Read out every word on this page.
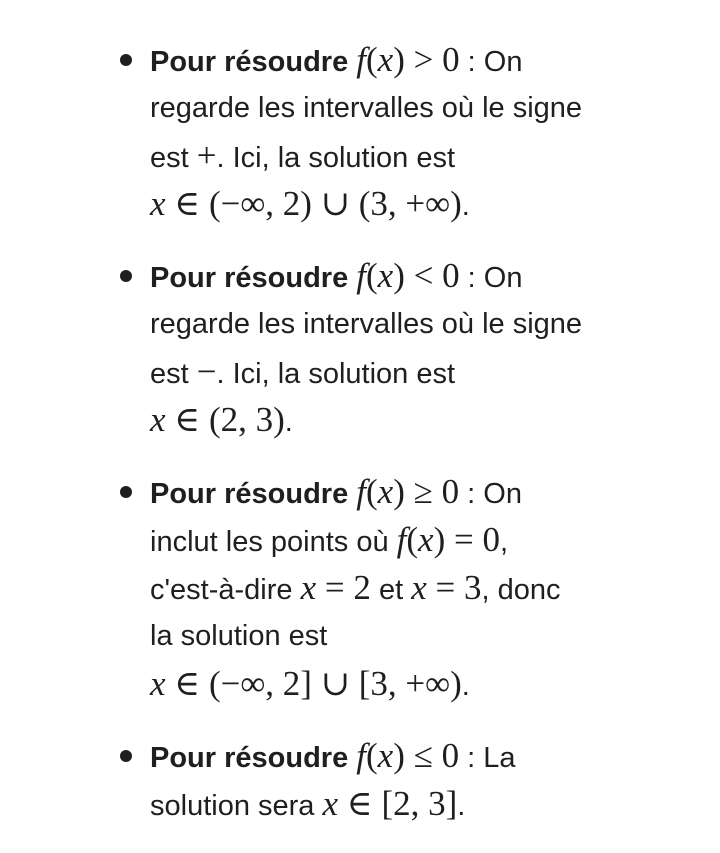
Pour résoudre f(x) > 0 : On
regarde les intervalles où le signe
est +. Ici, la solution est
x ∈ (−∞, 2) ∪ (3, +∞).
Pour résoudre f(x) < 0 : On
regarde les intervalles où le signe
est −. Ici, la solution est
x ∈ (2, 3).
Pour résoudre f(x) ≥ 0 : On
inclut les points où f(x) = 0,
c'est-à-dire x = 2 et x = 3, donc
la solution est
x ∈ (−∞, 2] ∪ [3, +∞).
Pour résoudre f(x) ≤ 0 : La
solution sera x ∈ [2, 3].
